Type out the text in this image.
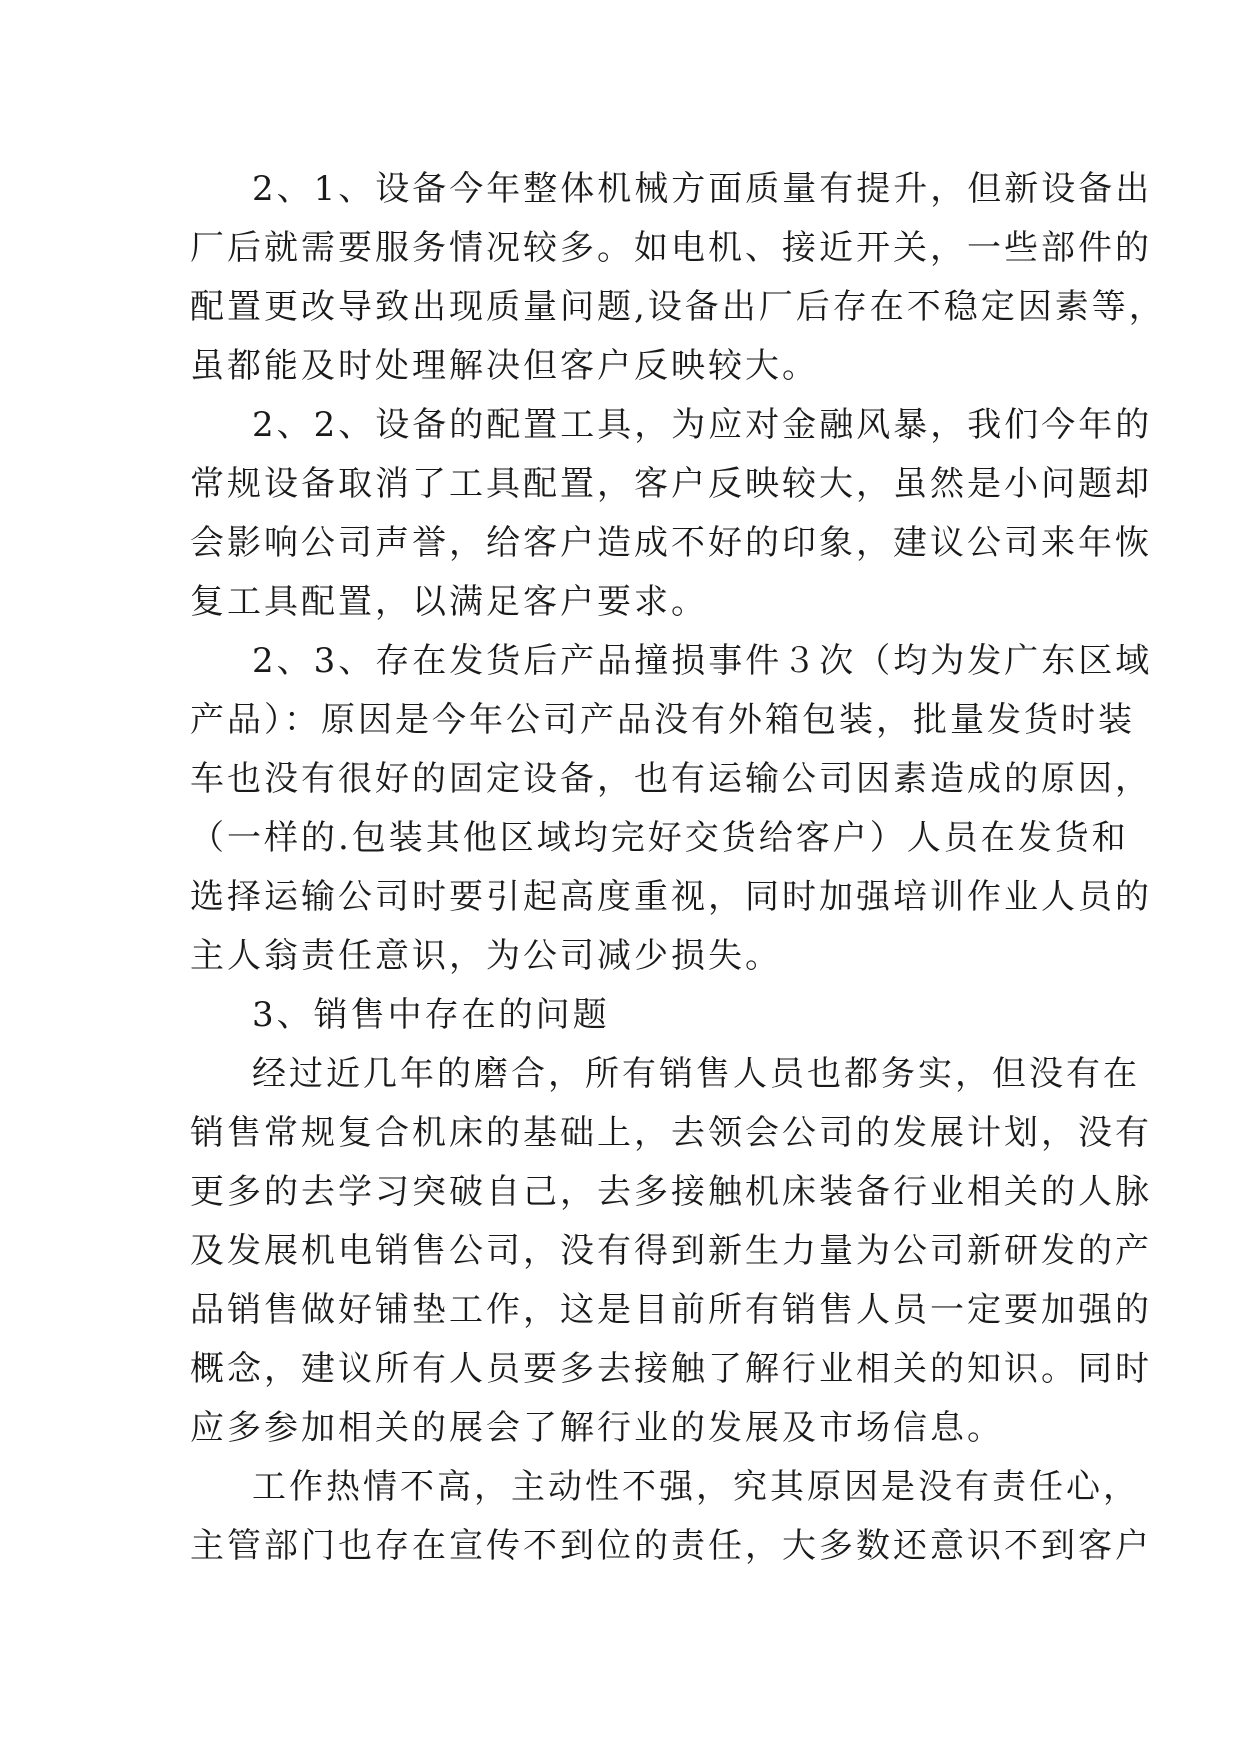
2、1、设备今年整体机械方面质量有提升，但新设备出
厂后就需要服务情况较多。如电机、接近开关，一些部件的
配置更改导致出现质量问题,设备出厂后存在不稳定因素等，
虽都能及时处理解决但客户反映较大。
2、2、设备的配置工具，为应对金融风暴，我们今年的
常规设备取消了工具配置，客户反映较大，虽然是小问题却
会影响公司声誉，给客户造成不好的印象，建议公司来年恢
复工具配置，以满足客户要求。
2、3、存在发货后产品撞损事件３次（均为发广东区域
产品）：原因是今年公司产品没有外箱包装，批量发货时装
车也没有很好的固定设备，也有运输公司因素造成的原因，
（一样的.包装其他区域均完好交货给客户）人员在发货和
选择运输公司时要引起高度重视，同时加强培训作业人员的
主人翁责任意识，为公司减少损失。
3、销售中存在的问题
经过近几年的磨合，所有销售人员也都务实，但没有在
销售常规复合机床的基础上，去领会公司的发展计划，没有
更多的去学习突破自己，去多接触机床装备行业相关的人脉
及发展机电销售公司，没有得到新生力量为公司新研发的产
品销售做好铺垫工作，这是目前所有销售人员一定要加强的
概念，建议所有人员要多去接触了解行业相关的知识。同时
应多参加相关的展会了解行业的发展及市场信息。
工作热情不高，主动性不强，究其原因是没有责任心，
主管部门也存在宣传不到位的责任，大多数还意识不到客户
